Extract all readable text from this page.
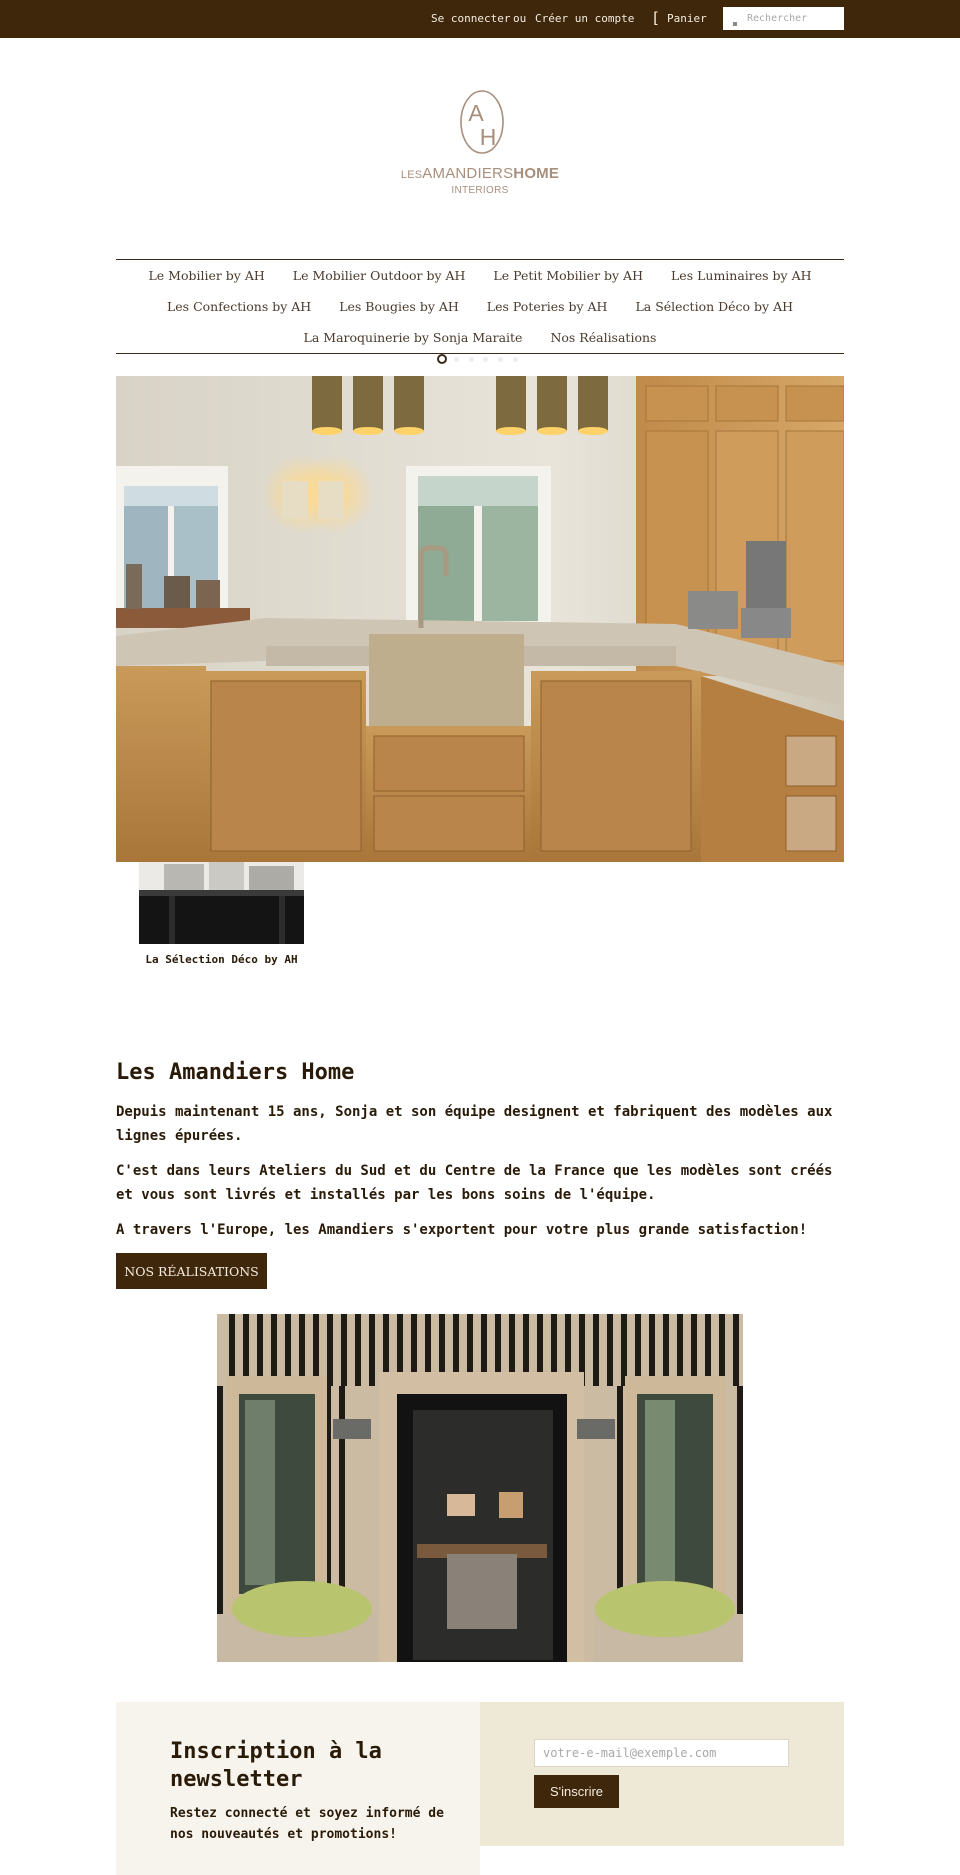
Se connecter ou Créer un compte [ Panier
Rechercher
A
H
LESAMANDIERSHOME
INTERIORS
Le Mobilier by AH Le Mobilier Outdoor by AH Le Petit Mobilier by AH Les Luminaires by AH
Les Confections by AH Les Bougies by AH Les Poteries by AH La Sélection Déco by AH
La Maroquinerie by Sonja Maraite Nos Réalisations
La Sélection Déco by AH
Les Amandiers Home

Depuis maintenant 15 ans, Sonja et son équipe designent et fabriquent des modèles aux lignes épurées.

C'est dans leurs Ateliers du Sud et du Centre de la France que les modèles sont créés et vous sont livrés et installés par les bons soins de l'équipe.

A travers l'Europe, les Amandiers s'exportent pour votre plus grande satisfaction!

NOS RÉALISATIONS
Inscription à la newsletter

Restez connecté et soyez informé de nos nouveautés et promotions!

votre-e-mail@exemple.com
S'inscrire
